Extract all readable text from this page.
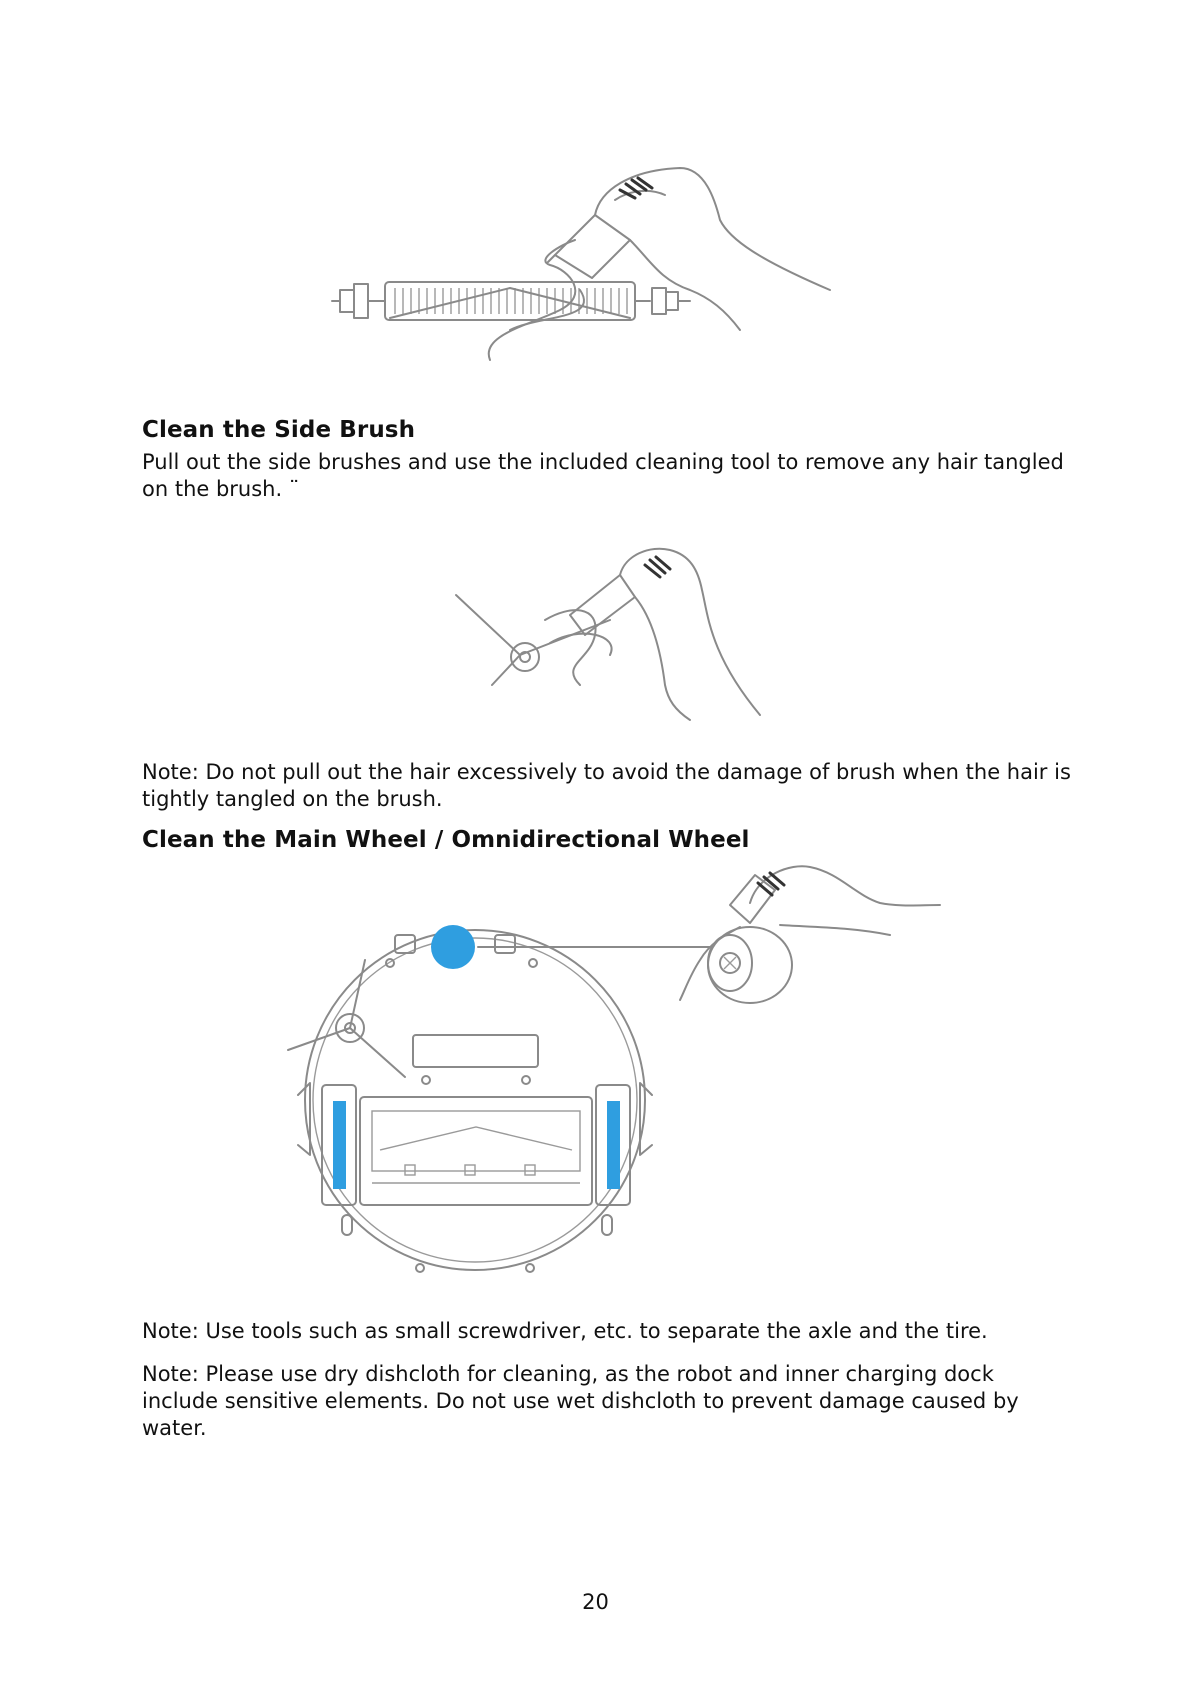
Clean the Side Brush

Pull out the side brushes and use the included cleaning tool to remove any hair tangled on the brush. ¨

Note: Do not pull out the hair excessively to avoid the damage of brush when the hair is tightly tangled on the brush.

Clean the Main Wheel / Omnidirectional Wheel

Note: Use tools such as small screwdriver, etc. to separate the axle and the tire.

Note: Please use dry dishcloth for cleaning, as the robot and inner charging dock include sensitive elements. Do not use wet dishcloth to prevent damage caused by water.

20
